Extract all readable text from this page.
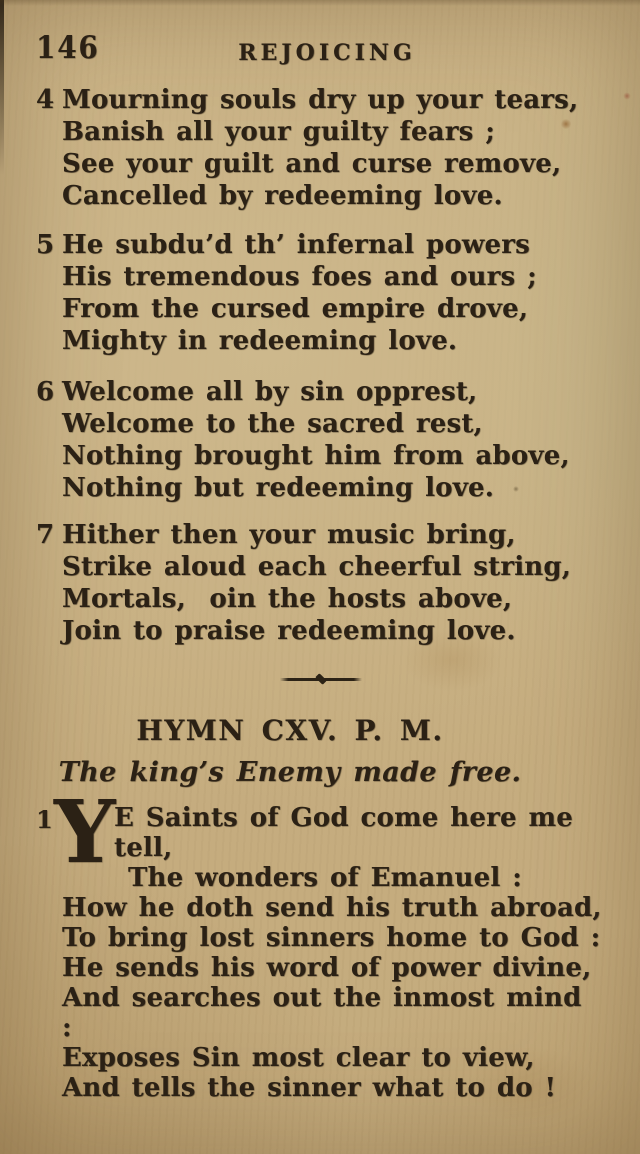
146	REJOICING
4 Mourning souls dry up your tears,
Banish all your guilty fears ;
See your guilt and curse remove,
Cancelled by redeeming love.
5 He subdu’d th’ infernal powers
His tremendous foes and ours ;
From the cursed empire drove,
Mighty in redeeming love.
6 Welcome all by sin opprest,
Welcome to the sacred rest,
Nothing brought him from above,
Nothing but redeeming love.
7 Hither then your music bring,
Strike aloud each cheerful string,
Mortals,  oin the hosts above,
Join to praise redeeming love.
HYMN CXV. P. M.
The king’s Enemy made free.
1 Y
E Saints of God come here me tell,
The wonders of Emanuel :
How he doth send his truth abroad,
To bring lost sinners home to God :
He sends his word of power divine,
And searches out the inmost mind :
Exposes Sin most clear to view,
And tells the sinner what to do !
